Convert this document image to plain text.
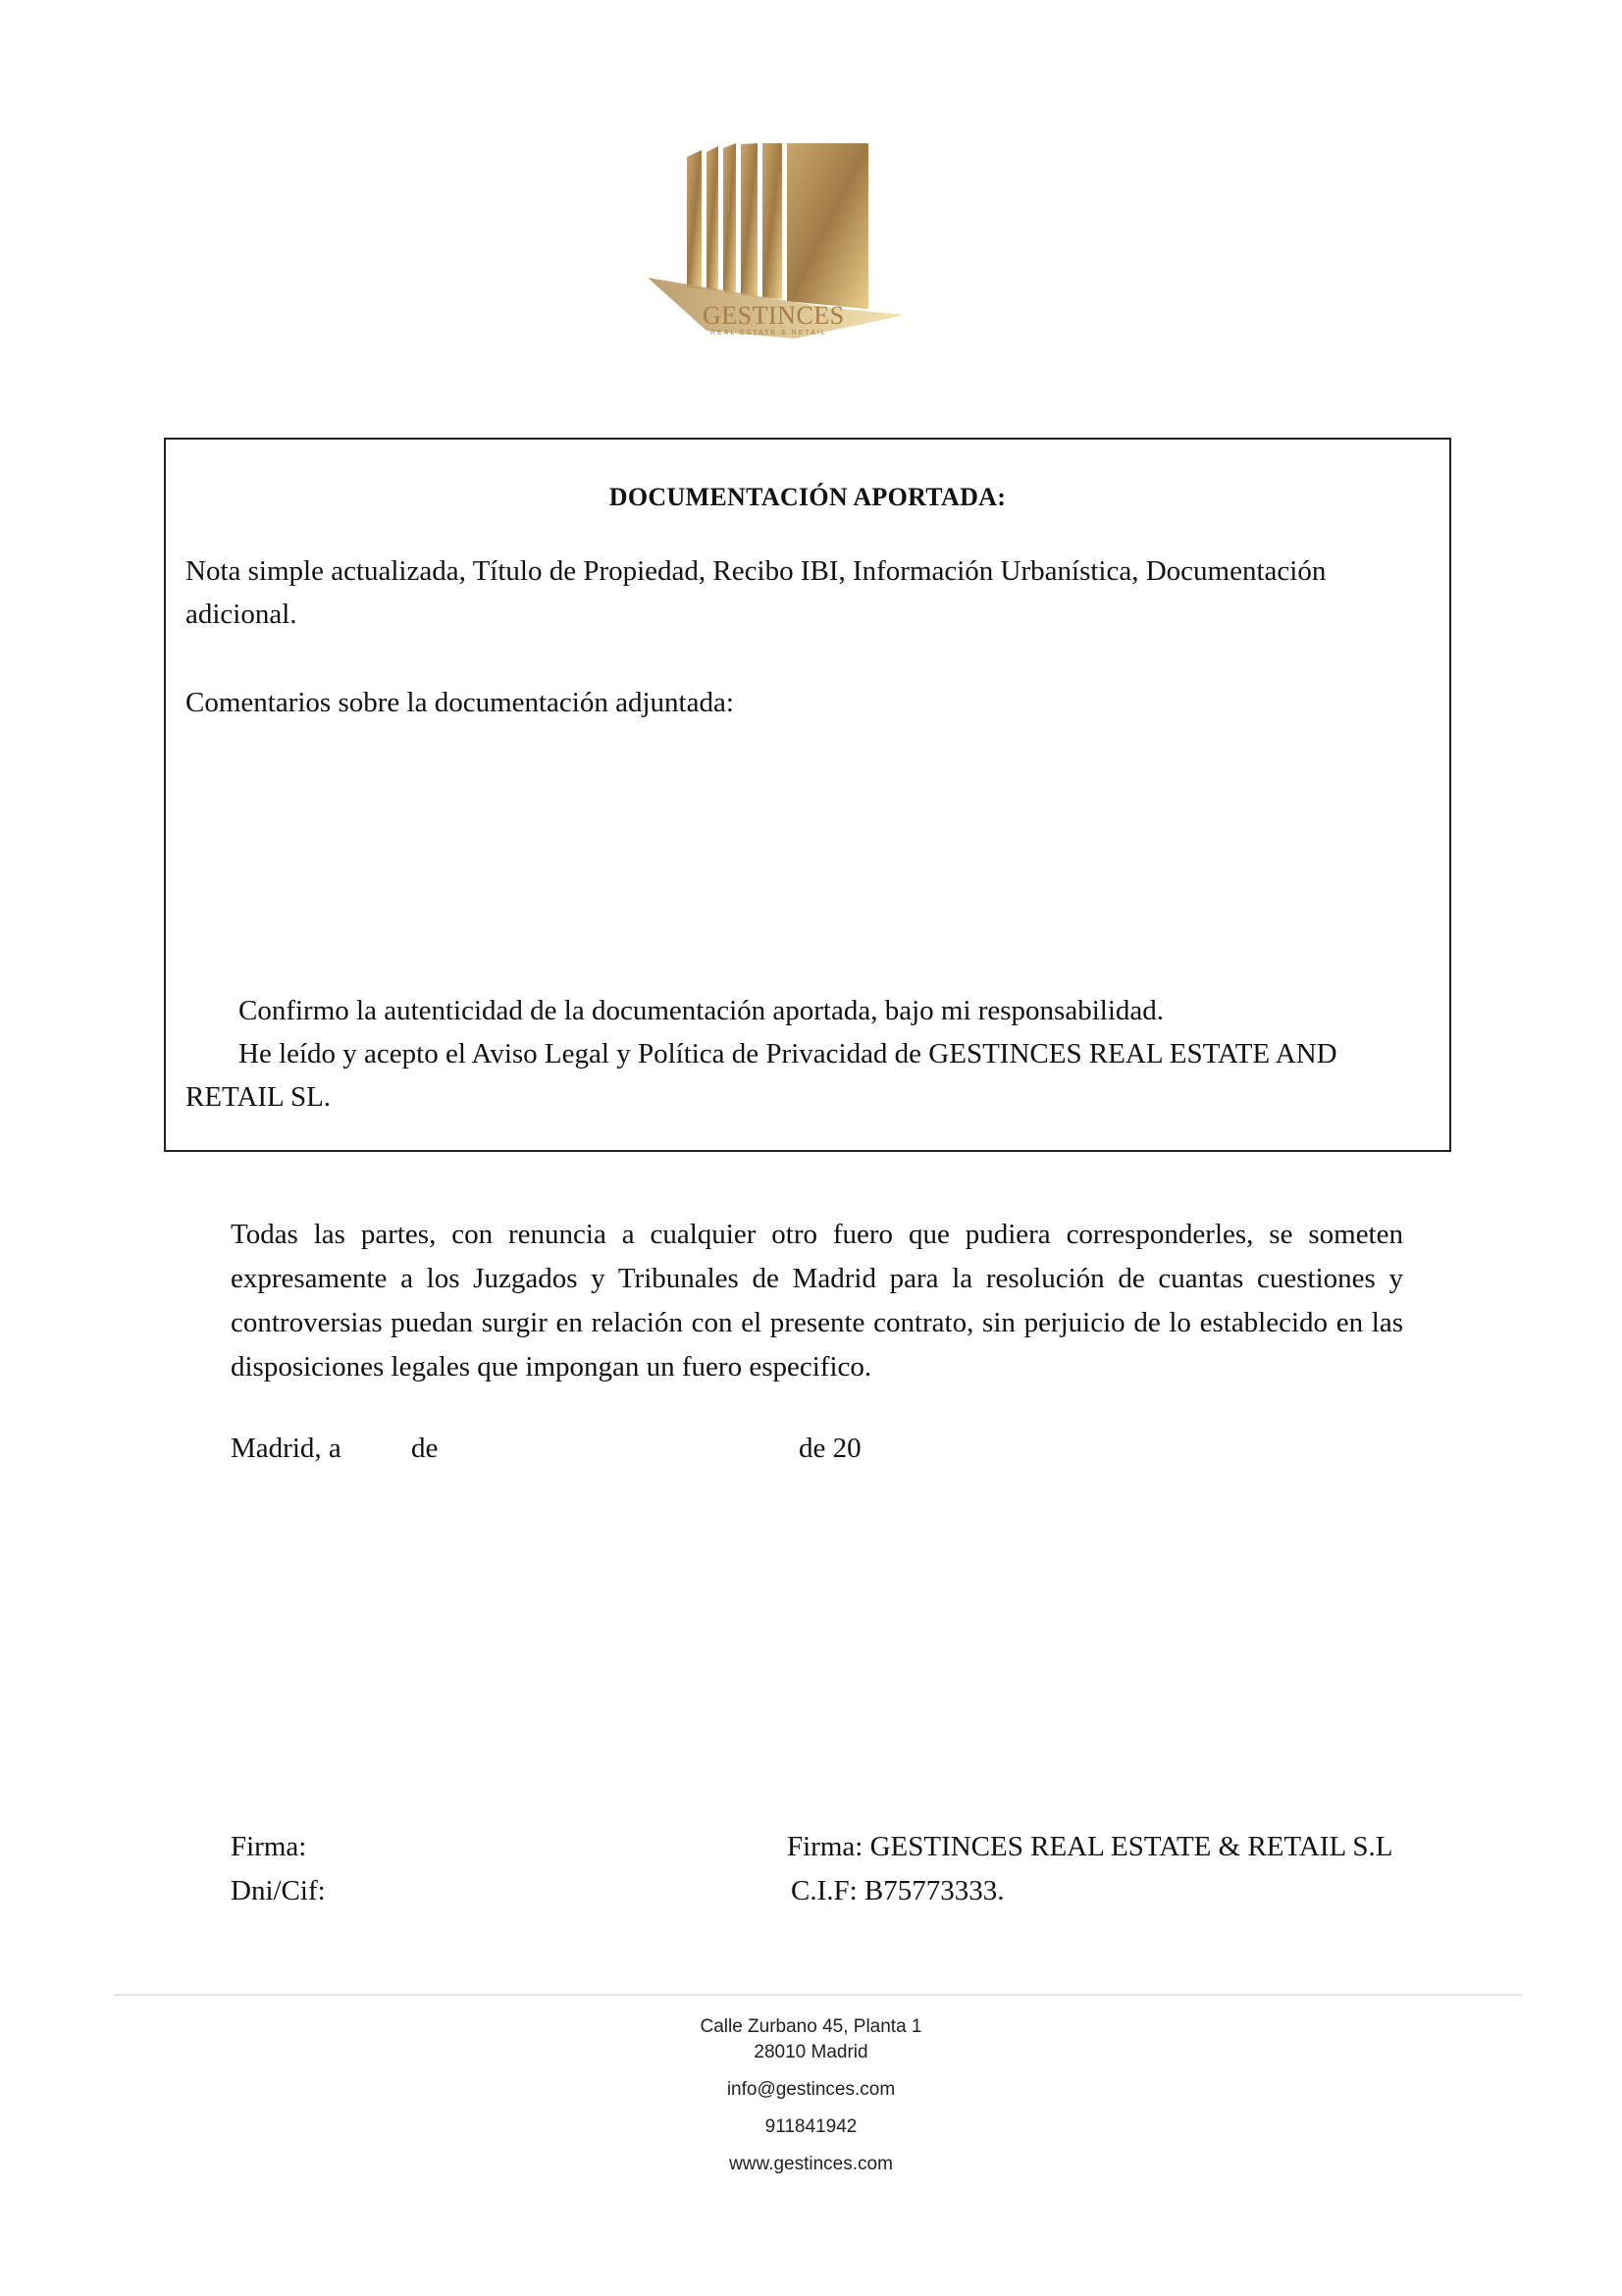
GESTINCES
REAL ESTATE & RETAIL
DOCUMENTACIÓN APORTADA:
Nota simple actualizada, Título de Propiedad, Recibo IBI, Información Urbanística, Documentación
adicional.
Comentarios sobre la documentación adjuntada:
Confirmo la autenticidad de la documentación aportada, bajo mi responsabilidad.
He leído y acepto el Aviso Legal y Política de Privacidad de GESTINCES REAL ESTATE AND
RETAIL SL.
Todas las partes, con renuncia a cualquier otro fuero que pudiera corresponderles, se someten expresamente a los Juzgados y Tribunales de Madrid para la resolución de cuantas cuestiones y controversias puedan surgir en relación con el presente contrato, sin perjuicio de lo establecido en las disposiciones legales que impongan un fuero especifico.
Madrid, a de	de 20
Firma:
Dni/Cif:
Firma: GESTINCES REAL ESTATE & RETAIL S.L
C.I.F: B75773333.
Calle Zurbano 45, Planta 1
28010 Madrid
info@gestinces.com
911841942
www.gestinces.com
